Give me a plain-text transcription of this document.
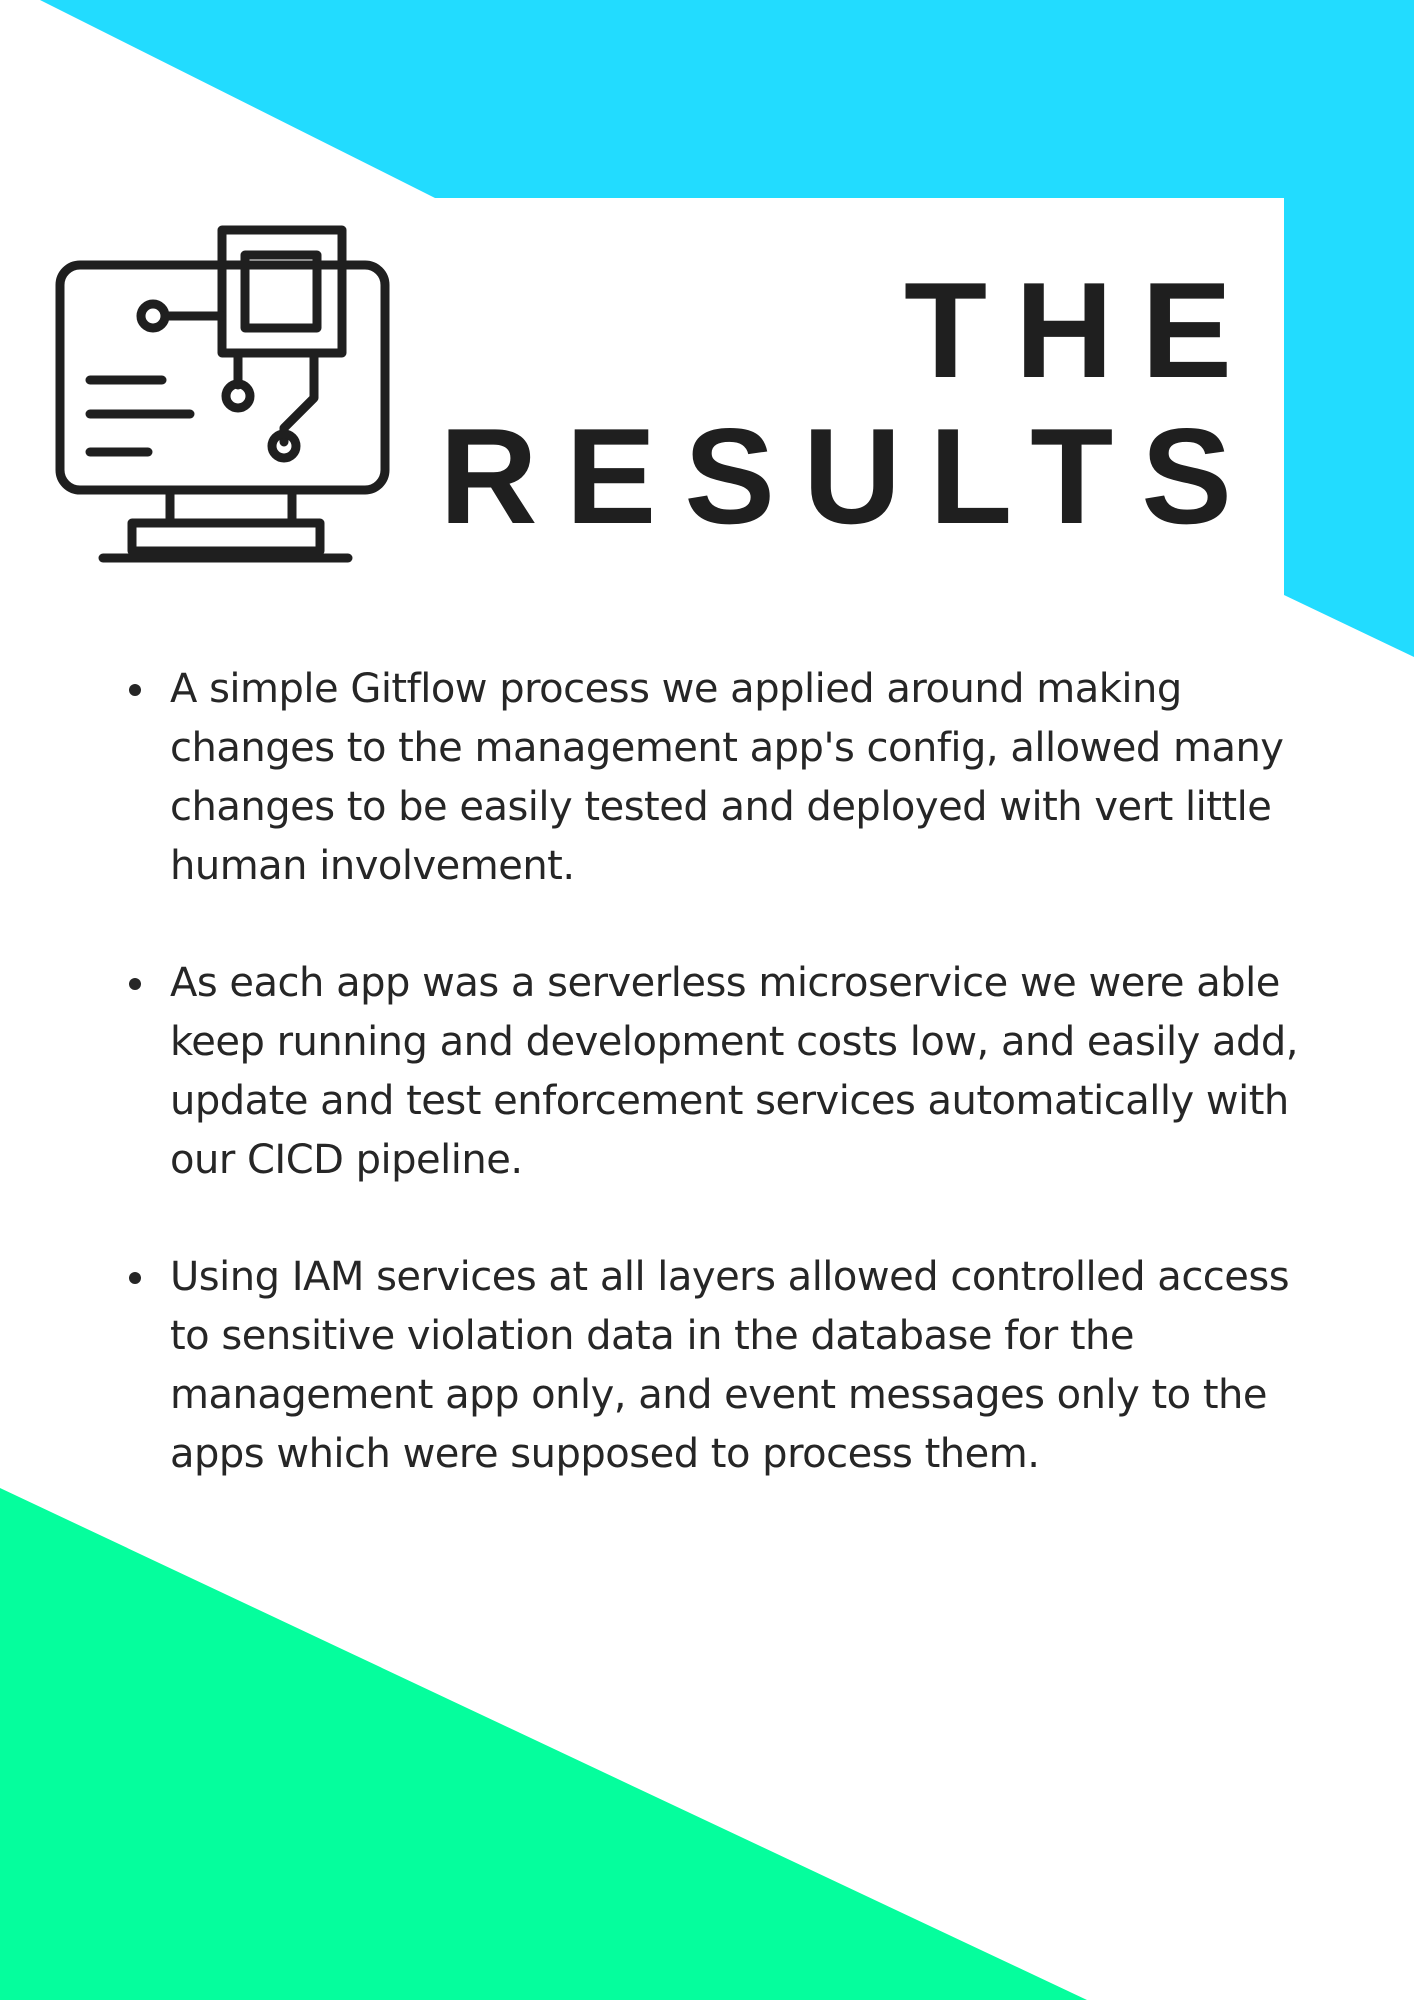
THE
RESULTS
A simple Gitflow process we applied around making changes to the management app's config, allowed many changes to be easily tested and deployed with vert little human involvement.
As each app was a serverless microservice we were able keep running and development costs low, and easily add, update and test enforcement services automatically with our CICD pipeline.
Using IAM services at all layers allowed controlled access to sensitive violation data in the database for the management app only, and event messages only to the apps which were supposed to process them.
